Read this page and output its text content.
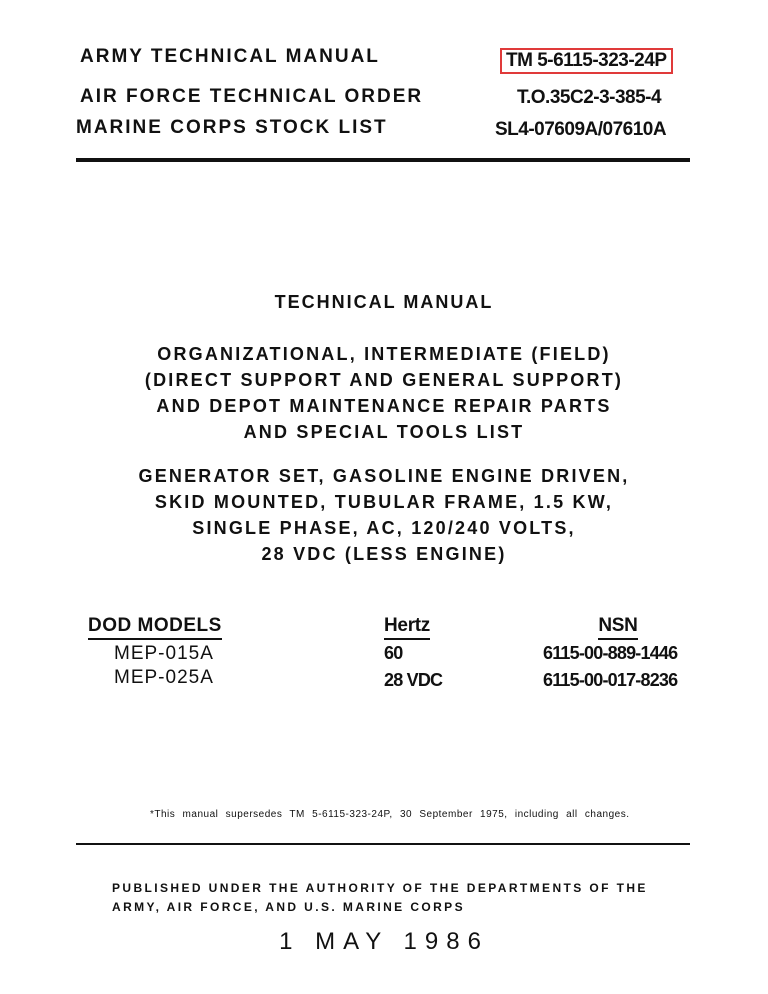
ARMY TECHNICAL MANUAL
AIR FORCE TECHNICAL ORDER
MARINE CORPS STOCK LIST
TM 5-6115-323-24P
T.O.35C2-3-385-4
SL4-07609A/07610A
TECHNICAL MANUAL
ORGANIZATIONAL, INTERMEDIATE (FIELD)
(DIRECT SUPPORT AND GENERAL SUPPORT)
AND DEPOT MAINTENANCE REPAIR PARTS
AND SPECIAL TOOLS LIST
GENERATOR SET, GASOLINE ENGINE DRIVEN,
SKID MOUNTED, TUBULAR FRAME, 1.5 KW,
SINGLE PHASE, AC, 120/240 VOLTS,
28 VDC (LESS ENGINE)
DOD MODELS
MEP-015A
MEP-025A
Hertz
60
28 VDC
NSN
6115-00-889-1446
6115-00-017-8236
*This manual supersedes TM 5-6115-323-24P, 30 September 1975, including all changes.
PUBLISHED UNDER THE AUTHORITY OF THE DEPARTMENTS OF THE
ARMY, AIR FORCE, AND U.S. MARINE CORPS
1 MAY 1986
